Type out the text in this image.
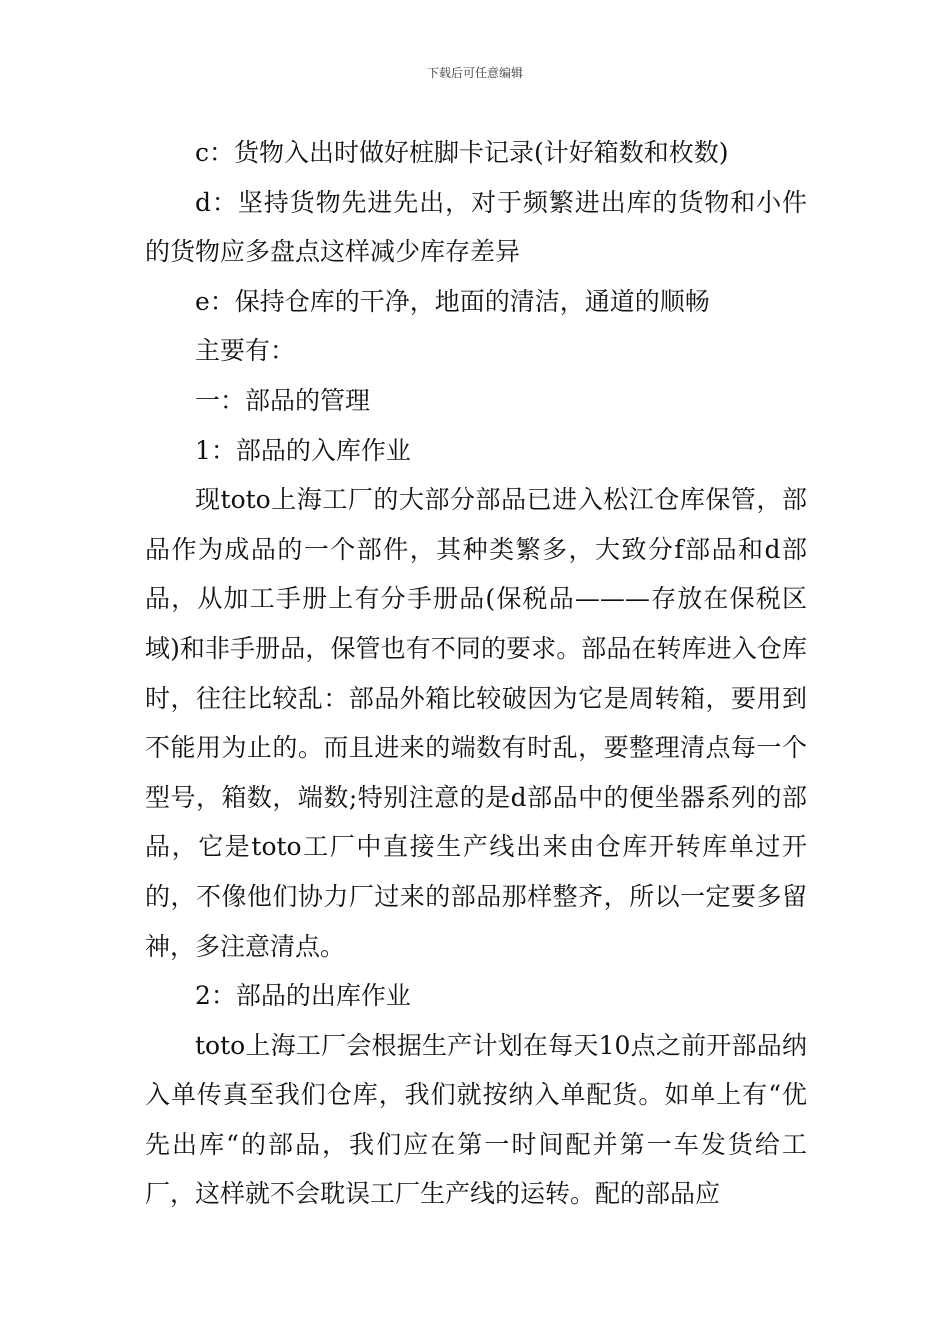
下载后可任意编辑

c：货物入出时做好桩脚卡记录(计好箱数和枚数)

d：坚持货物先进先出，对于频繁进出库的货物和小件的货物应多盘点这样减少库存差异

e：保持仓库的干净，地面的清洁，通道的顺畅

主要有：

一：部品的管理

1：部品的入库作业

现toto上海工厂的大部分部品已进入松江仓库保管，部品作为成品的一个部件，其种类繁多，大致分f部品和d部品，从加工手册上有分手册品(保税品———存放在保税区域)和非手册品，保管也有不同的要求。部品在转库进入仓库时，往往比较乱：部品外箱比较破因为它是周转箱，要用到不能用为止的。而且进来的端数有时乱，要整理清点每一个型号，箱数，端数;特别注意的是d部品中的便坐器系列的部品，它是toto工厂中直接生产线出来由仓库开转库单过开的，不像他们协力厂过来的部品那样整齐，所以一定要多留神，多注意清点。

2：部品的出库作业

toto上海工厂会根据生产计划在每天10点之前开部品纳入单传真至我们仓库，我们就按纳入单配货。如单上有“优先出库“的部品，我们应在第一时间配并第一车发货给工厂，这样就不会耽误工厂生产线的运转。配的部品应
